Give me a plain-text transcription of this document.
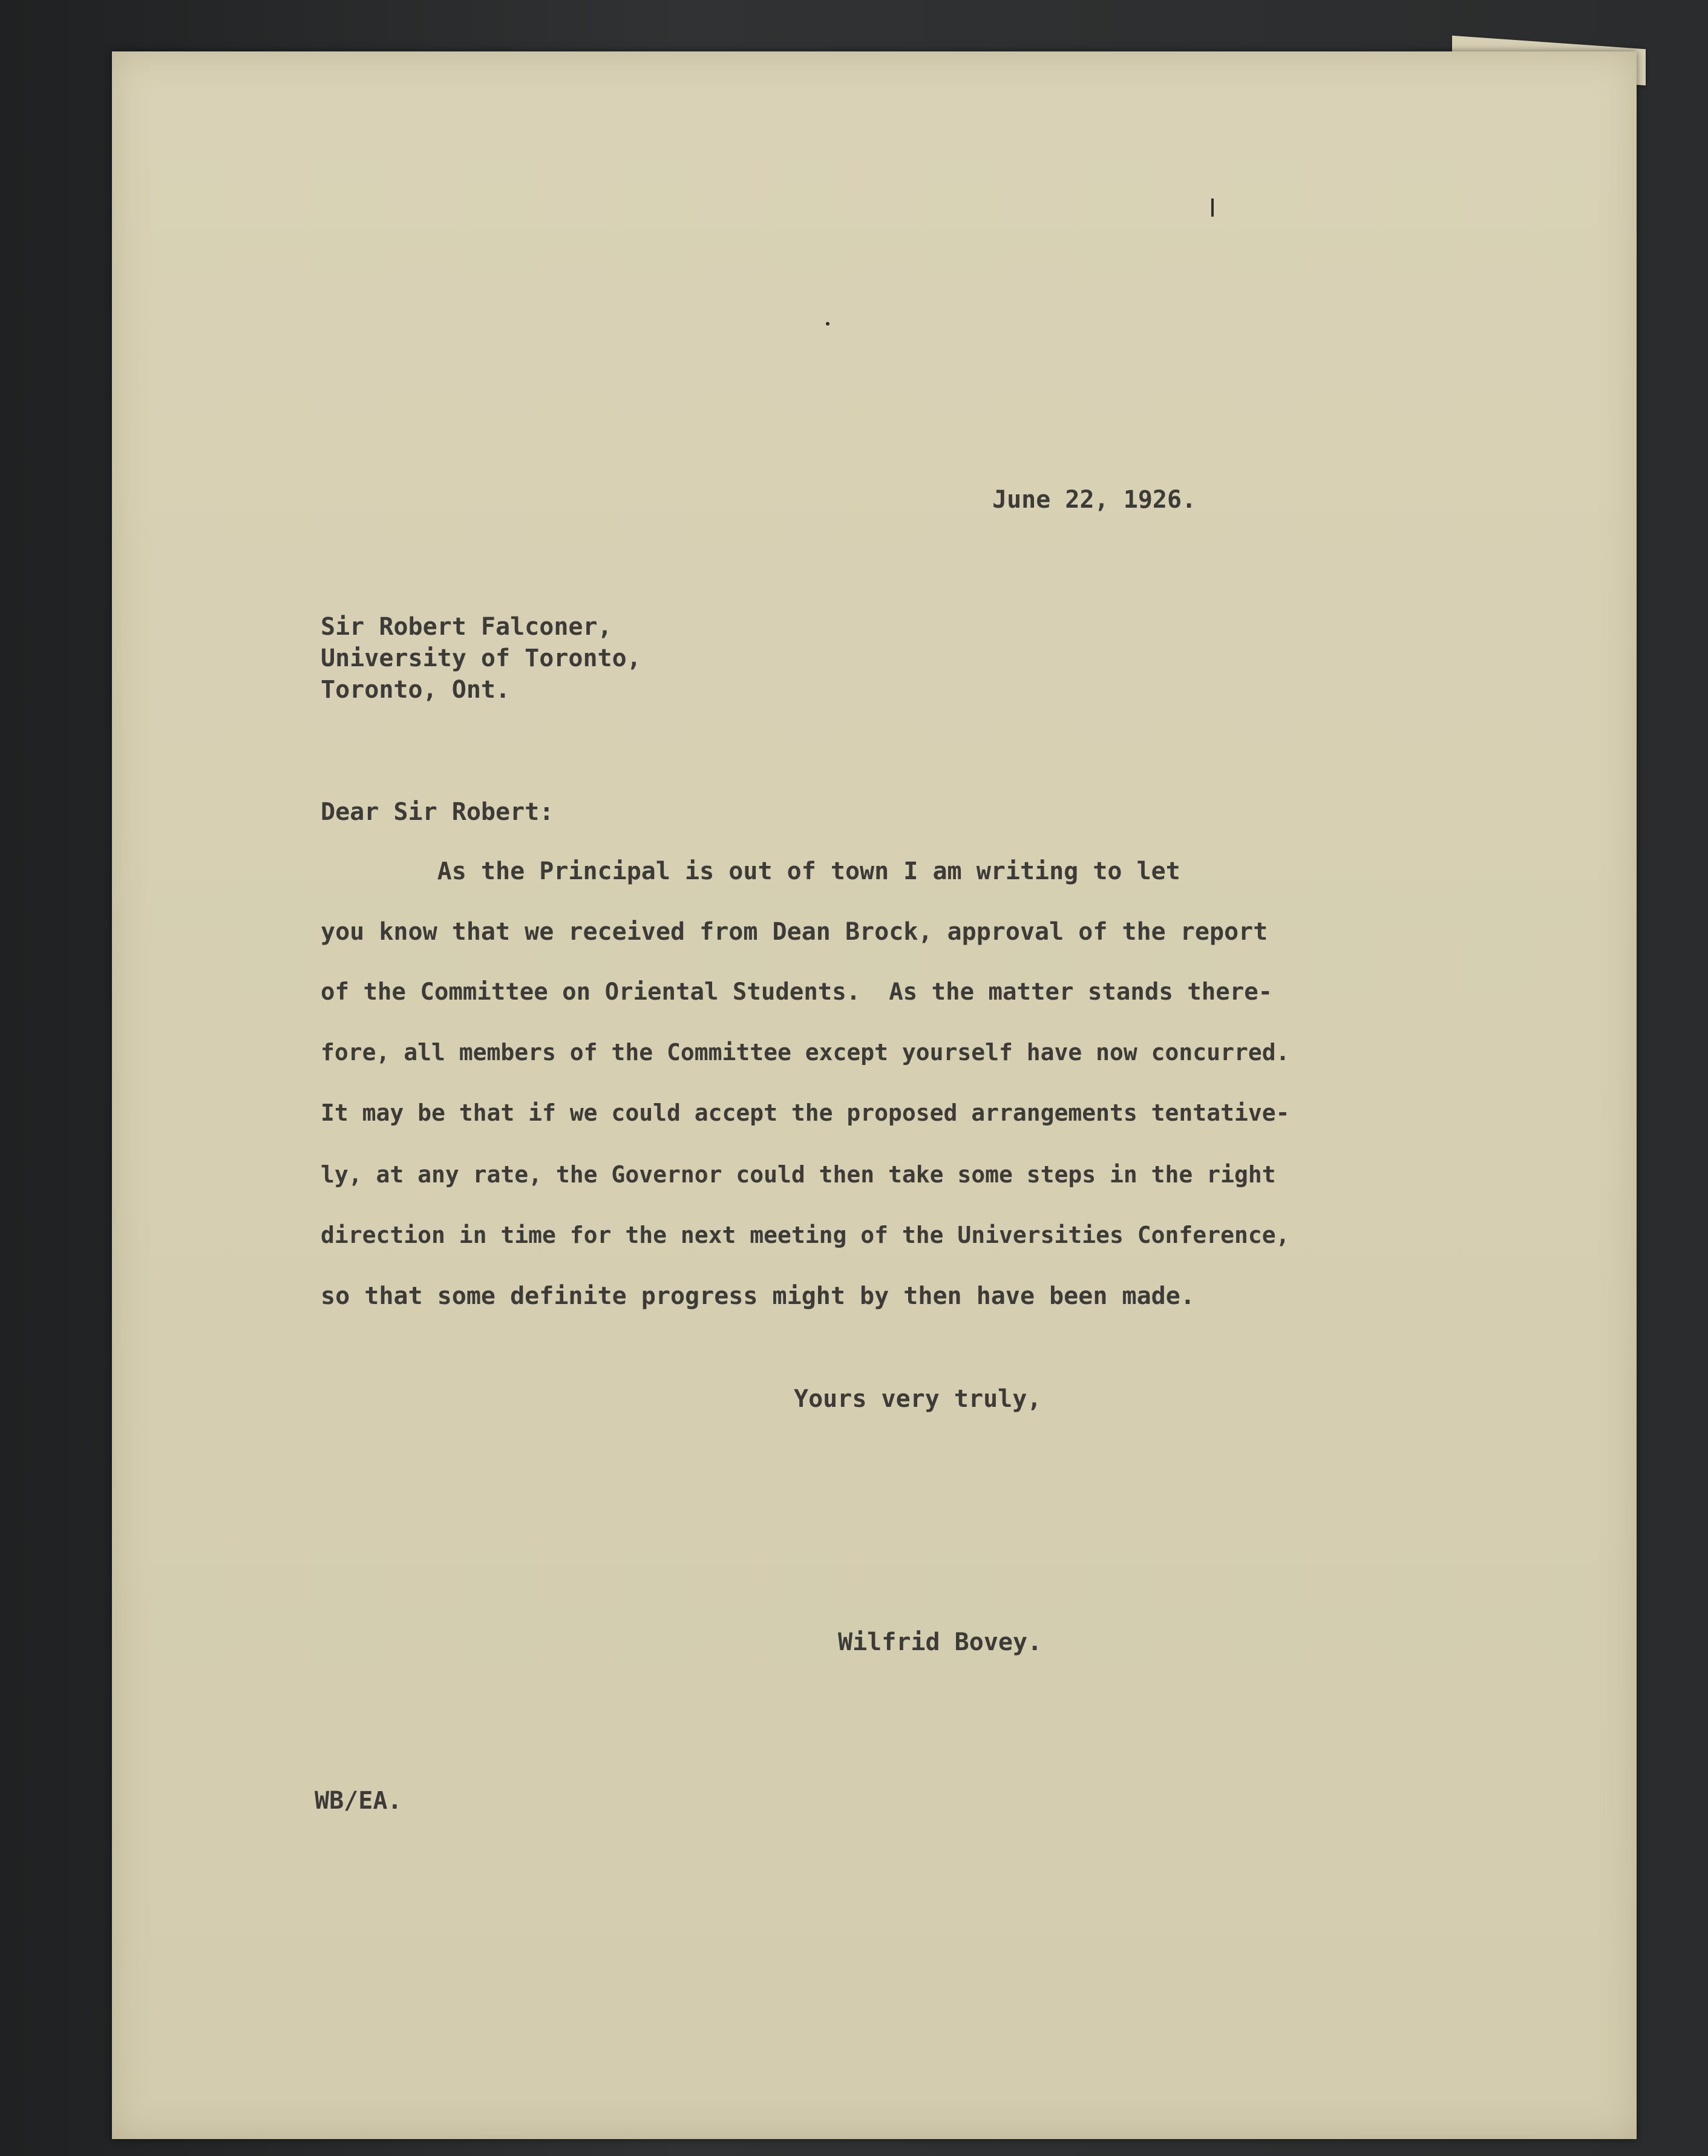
June 22, 1926.
Sir Robert Falconer,
University of Toronto,
Toronto, Ont.
Dear Sir Robert:
As the Principal is out of town I am writing to let
you know that we received from Dean Brock, approval of the report
of the Committee on Oriental Students.  As the matter stands there-
fore, all members of the Committee except yourself have now concurred.
It may be that if we could accept the proposed arrangements tentative-
ly, at any rate, the Governor could then take some steps in the right
direction in time for the next meeting of the Universities Conference,
so that some definite progress might by then have been made.
Yours very truly,
Wilfrid Bovey.
WB/EA.
